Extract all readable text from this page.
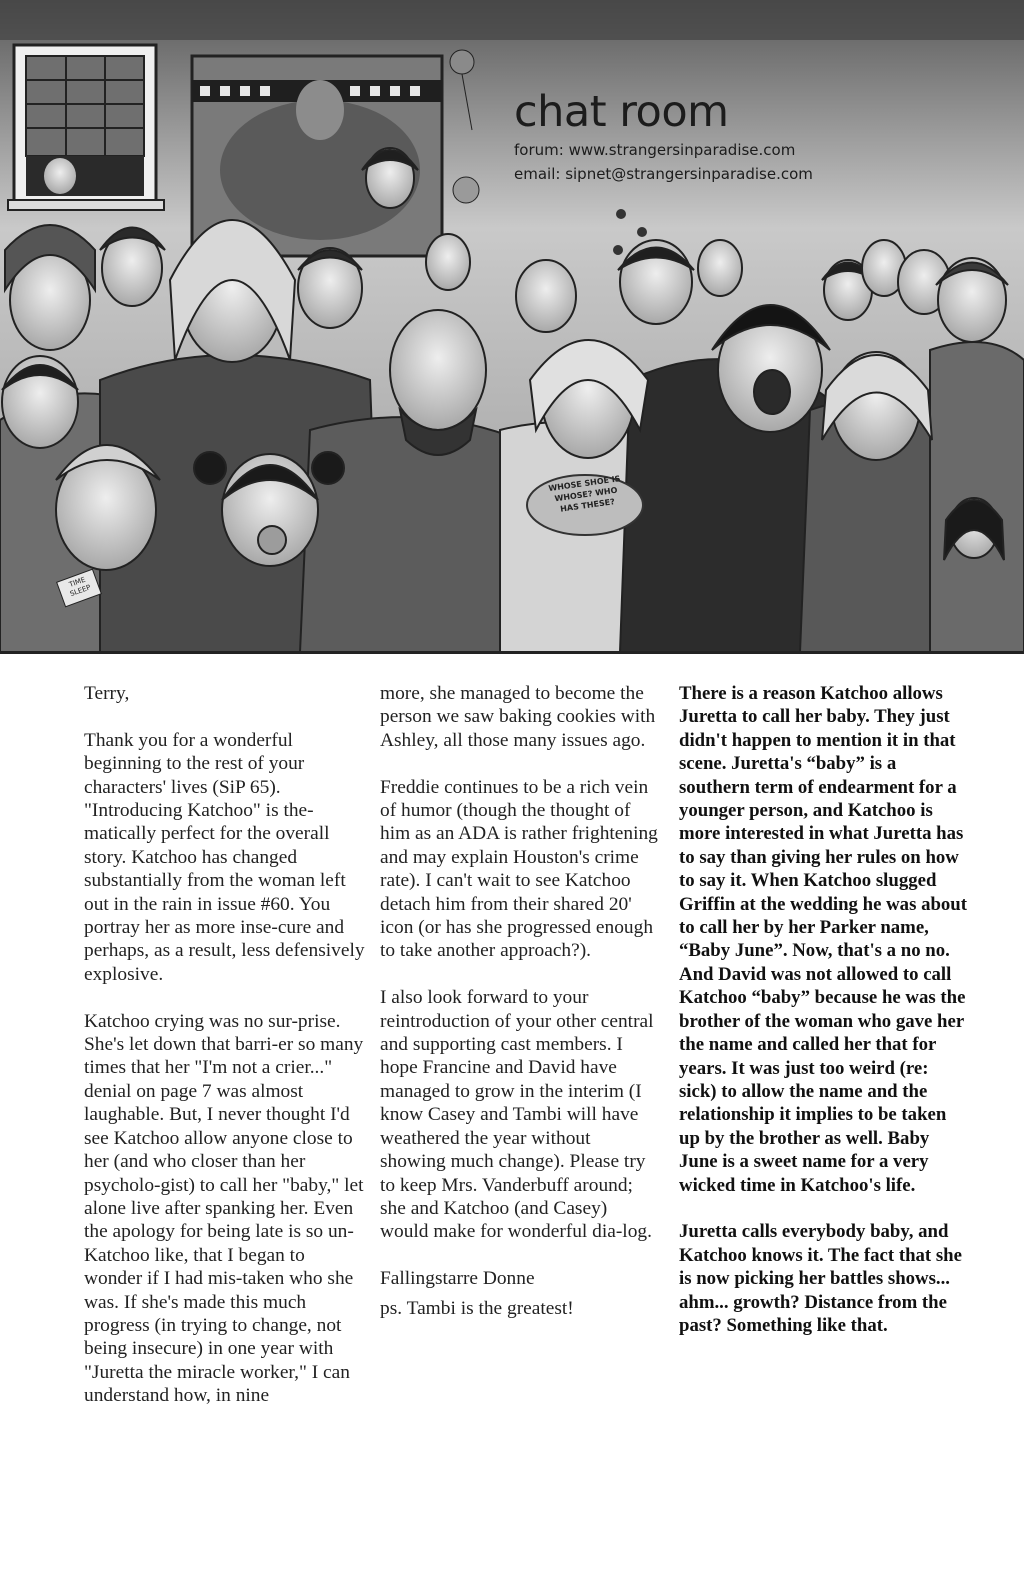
chat room
forum: www.strangersinparadise.com
email: sipnet@strangersinparadise.com
WHOSE SHOE IS WHOSE? WHO HAS THESE?
TIME SLEEP

Terry,

Thank you for a wonderful beginning to the rest of your characters' lives (SiP 65). "Introducing Katchoo" is the-matically perfect for the overall story. Katchoo has changed substantially from the woman left out in the rain in issue #60. You portray her as more inse-cure and perhaps, as a result, less defensively explosive.

Katchoo crying was no sur-prise. She's let down that barri-er so many times that her "I'm not a crier..." denial on page 7 was almost laughable. But, I never thought I'd see Katchoo allow anyone close to her (and who closer than her psycholo-gist) to call her "baby," let alone live after spanking her. Even the apology for being late is so un-Katchoo like, that I began to wonder if I had mis-taken who she was. If she's made this much progress (in trying to change, not being insecure) in one year with "Juretta the miracle worker," I can understand how, in nine

more, she managed to become the person we saw baking cookies with Ashley, all those many issues ago.

Freddie continues to be a rich vein of humor (though the thought of him as an ADA is rather frightening and may explain Houston's crime rate). I can't wait to see Katchoo detach him from their shared 20' icon (or has she progressed enough to take another approach?).

I also look forward to your reintroduction of your other central and supporting cast members. I hope Francine and David have managed to grow in the interim (I know Casey and Tambi will have weathered the year without showing much change). Please try to keep Mrs. Vanderbuff around; she and Katchoo (and Casey) would make for wonderful dia-log.

Fallingstarre Donne

ps. Tambi is the greatest!

There is a reason Katchoo allows Juretta to call her baby. They just didn't happen to mention it in that scene. Juretta's “baby” is a southern term of endearment for a younger person, and Katchoo is more interested in what Juretta has to say than giving her rules on how to say it. When Katchoo slugged Griffin at the wedding he was about to call her by her Parker name, “Baby June”. Now, that's a no no. And David was not allowed to call Katchoo “baby” because he was the brother of the woman who gave her the name and called her that for years. It was just too weird (re: sick) to allow the name and the relationship it implies to be taken up by the brother as well. Baby June is a sweet name for a very wicked time in Katchoo's life.

Juretta calls everybody baby, and Katchoo knows it. The fact that she is now picking her battles shows... ahm... growth? Distance from the past? Something like that.
